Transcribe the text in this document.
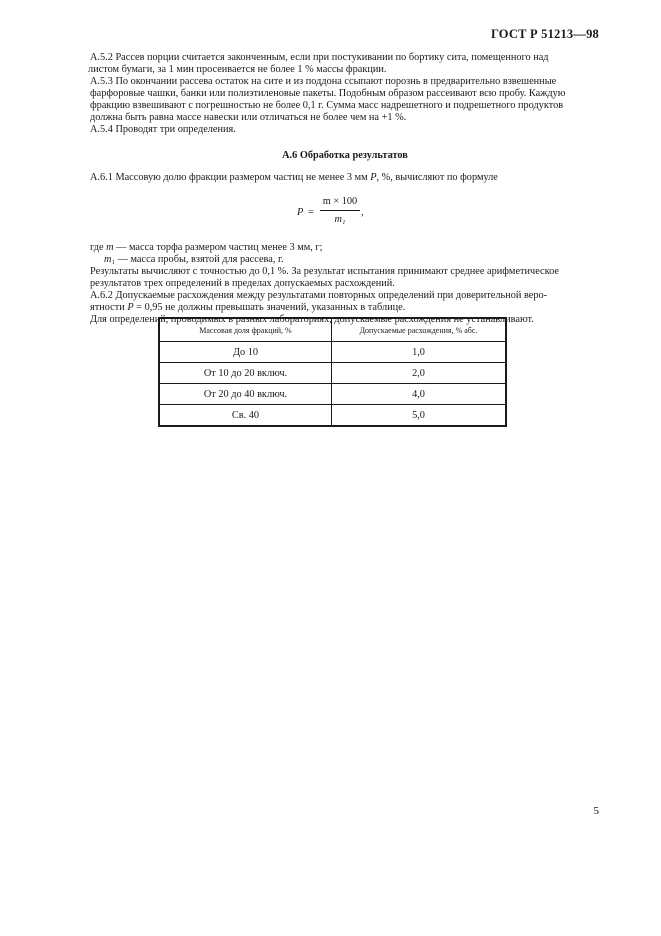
ГОСТ Р 51213—98

А.5.2 Рассев порции считается законченным, если при постукивании по бортику сита, помещенного над

листом бумаги, за 1 мин просеивается не более 1 % массы фракции.

А.5.3 По окончании рассева остаток на сите и из поддона ссыпают порознь в предварительно взвешенные

фарфоровые чашки, банки или полиэтиленовые пакеты. Подобным образом рассеивают всю пробу. Каждую

фракцию взвешивают с погрешностью не более 0,1 г. Сумма масс надрешетного и подрешетного продуктов

должна быть равна массе навески или отличаться не более чем на +1 %.

А.5.4 Проводят три определения.

А.6 Обработка результатов

А.6.1 Массовую долю фракции размером частиц не менее 3 мм P, %, вычисляют по формуле

$P = \frac{m \times 100}{\text{m₁}}$ ,

где m — масса торфа размером частиц менее 3 мм, г;

m₁ — масса пробы, взятой для рассева, г.

Результаты вычисляют с точностью до 0,1 %. За результат испытания принимают среднее арифметическое

результатов трех определений в пределах допускаемых расхождений.

А.6.2 Допускаемые расхождения между результатами повторных определений при доверительной веро-

ятности P = 0,95 не должны превышать значений, указанных в таблице.

Для определений, проводимых в разных лабораториях, допускаемые расхождения не устанавливают.

Массовая доля фракций, %	Допускаемые расхождения, % абс.
До 10	1,0
От 10 до 20 включ.	2,0
От 20 до 40 включ.	4,0
Св. 40	5,0
5
